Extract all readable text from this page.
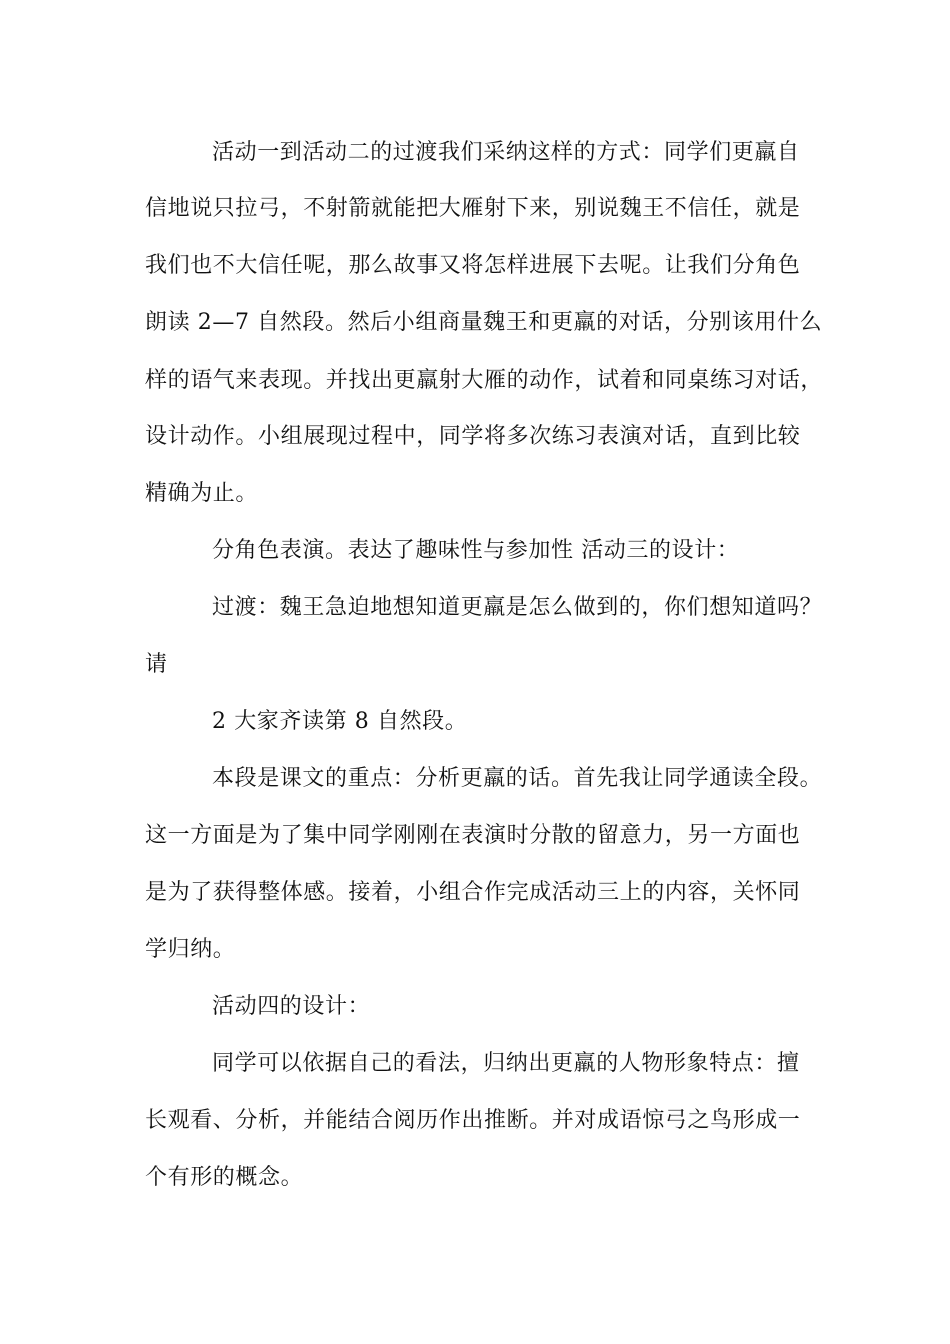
活动一到活动二的过渡我们采纳这样的方式：同学们更羸自
信地说只拉弓，不射箭就能把大雁射下来，别说魏王不信任，就是
我们也不大信任呢，那么故事又将怎样进展下去呢。让我们分角色
朗读 2—7 自然段。然后小组商量魏王和更羸的对话，分别该用什么
样的语气来表现。并找出更羸射大雁的动作，试着和同桌练习对话，
设计动作。小组展现过程中，同学将多次练习表演对话，直到比较
精确为止。
分角色表演。表达了趣味性与参加性 活动三的设计：
过渡：魏王急迫地想知道更羸是怎么做到的，你们想知道吗？
请
2 大家齐读第 8 自然段。
本段是课文的重点：分析更羸的话。首先我让同学通读全段。
这一方面是为了集中同学刚刚在表演时分散的留意力，另一方面也
是为了获得整体感。接着，小组合作完成活动三上的内容，关怀同
学归纳。
活动四的设计：
同学可以依据自己的看法，归纳出更羸的人物形象特点：擅
长观看、分析，并能结合阅历作出推断。并对成语惊弓之鸟形成一
个有形的概念。
